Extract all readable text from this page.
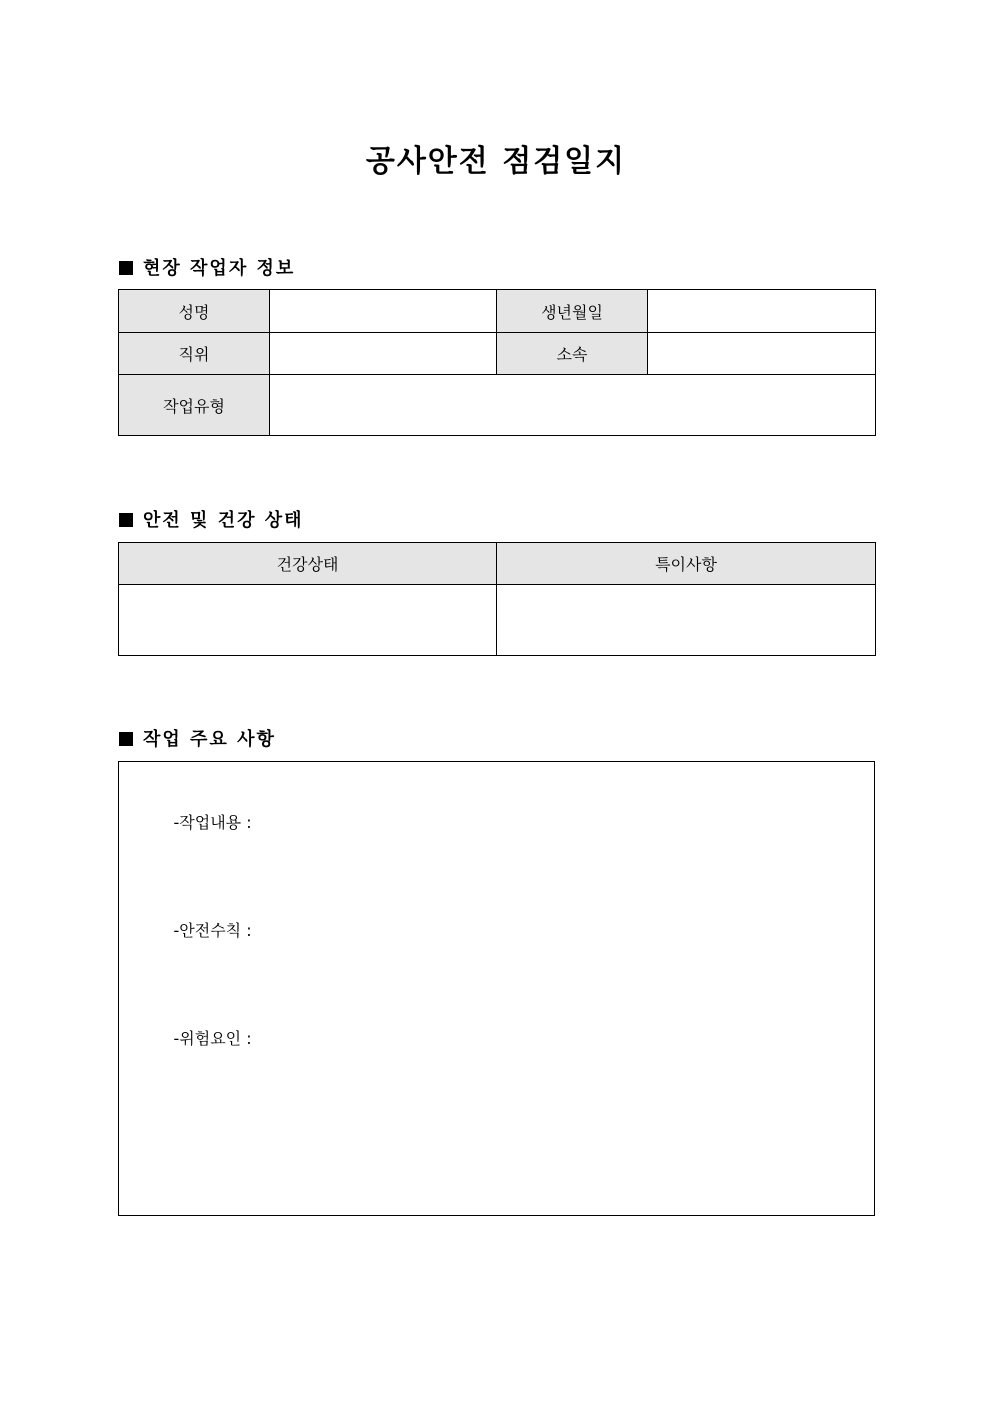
공사안전 점검일지
현장 작업자 정보
성명		생년월일	
직위		소속	
작업유형			
안전 및 건강 상태
건강상태	특이사항

작업 주요 사항

-작업내용 :

-안전수칙 :

-위험요인 :
